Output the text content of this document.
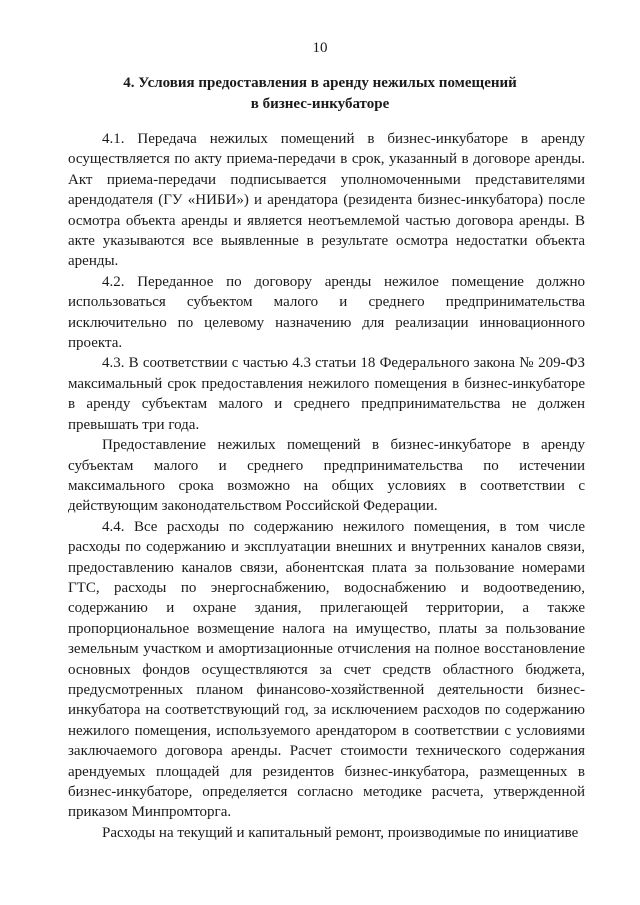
10
4. Условия предоставления в аренду нежилых помещений
в бизнес-инкубаторе

4.1. Передача нежилых помещений в бизнес-инкубаторе в аренду осуществляется по акту приема-передачи в срок, указанный в договоре аренды. Акт приема-передачи подписывается уполномоченными представителями арендодателя (ГУ «НИБИ») и арендатора (резидента бизнес-инкубатора) после осмотра объекта аренды и является неотъемлемой частью договора аренды. В акте указываются все выявленные в результате осмотра недостатки объекта аренды.

4.2. Переданное по договору аренды нежилое помещение должно использоваться субъектом малого и среднего предпринимательства исключительно по целевому назначению для реализации инновационного проекта.

4.3. В соответствии с частью 4.3 статьи 18 Федерального закона № 209-ФЗ максимальный срок предоставления нежилого помещения в бизнес-инкубаторе в аренду субъектам малого и среднего предпринимательства не должен превышать три года.

Предоставление нежилых помещений в бизнес-инкубаторе в аренду субъектам малого и среднего предпринимательства по истечении максимального срока возможно на общих условиях в соответствии с действующим законодательством Российской Федерации.

4.4. Все расходы по содержанию нежилого помещения, в том числе расходы по содержанию и эксплуатации внешних и внутренних каналов связи, предоставлению каналов связи, абонентская плата за пользование номерами ГТС, расходы по энергоснабжению, водоснабжению и водоотведению, содержанию и охране здания, прилегающей территории, а также пропорциональное возмещение налога на имущество, платы за пользование земельным участком и амортизационные отчисления на полное восстановление основных фондов осуществляются за счет средств областного бюджета, предусмотренных планом финансово-хозяйственной деятельности бизнес-инкубатора на соответствующий год, за исключением расходов по содержанию нежилого помещения, используемого арендатором в соответствии с условиями заключаемого договора аренды. Расчет стоимости технического содержания арендуемых площадей для резидентов бизнес-инкубатора, размещенных в бизнес-инкубаторе, определяется согласно методике расчета, утвержденной приказом Минпромторга.

Расходы на текущий и капитальный ремонт, производимые по инициативе
